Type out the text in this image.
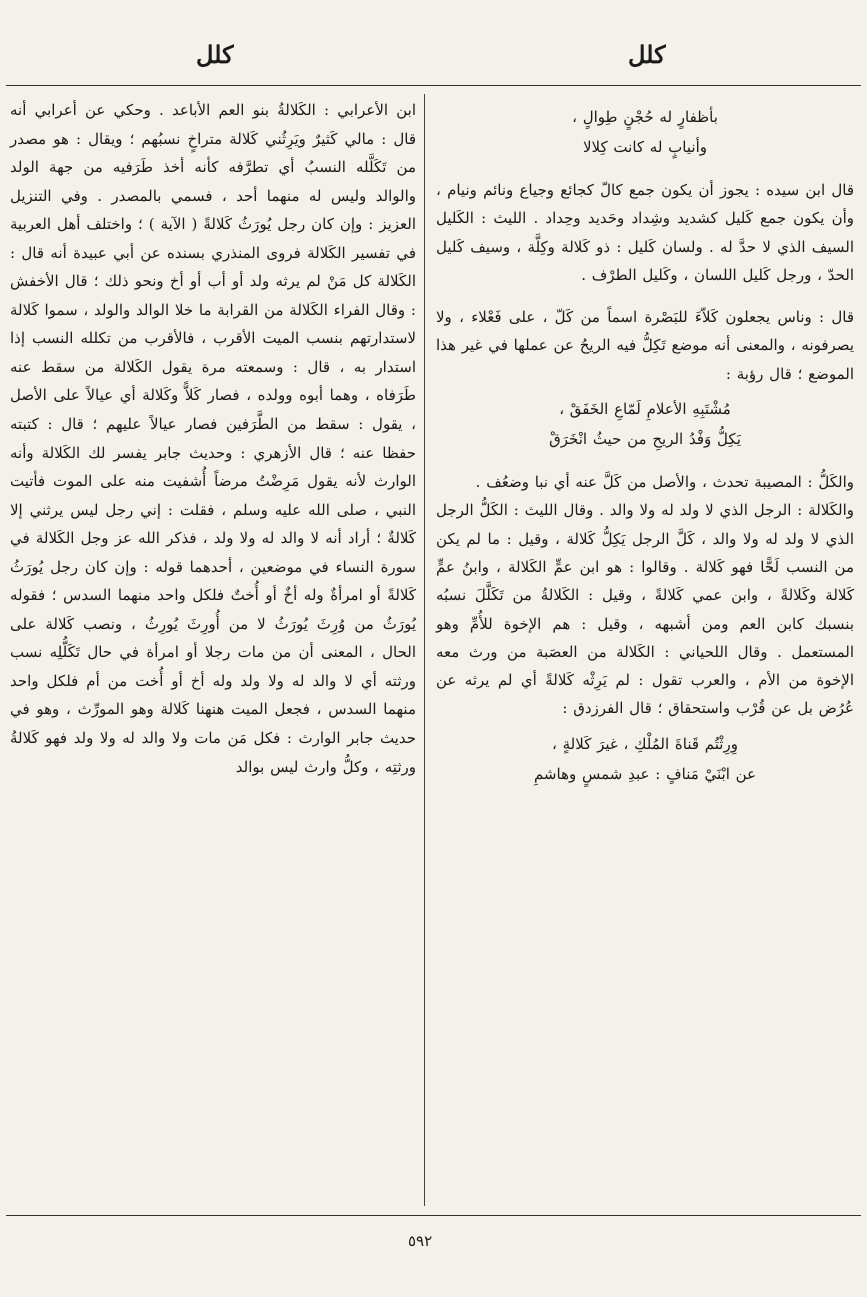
كلل
كلل
بأظفارٍ له حُجْنٍ طِوالٍ ،
وأنيابٍ له كانت كِلالا

قال ابن سيده : يجوز أن يكون جمع كالّ كجائع وجياع ونائم ونيام ، وأن يكون جمع كَليل كشديد وشِداد وحَديد وحِداد . الليث : الكَليل السيف الذي لا حدَّ له . ولسان كَليل : ذو كَلالة وكِلَّة ، وسيف كَليل الحدّ ، ورجل كَليل اللسان ، وكَليل الطرْف .

قال : وناس يجعلون كَلاّءَ للبَصْرة اسماً من كَلّ ، على فَعْلاء ، ولا يصرفونه ، والمعنى أنه موضع تَكِلُّ فيه الريحُ عن عملها في غير هذا الموضع ؛ قال رؤبة :

مُشْتَبِهِ الأعلامِ لَمّاعِ الخَفَقْ ،
يَكِلُّ وَفْدُ الريحِ من حيثُ انْخَرَقْ

والكَلُّ : المصيبة تحدث ، والأصل من كَلَّ عنه أي نبا وضعُف .

والكَلالة : الرجل الذي لا ولد له ولا والد . وقال الليث : الكَلُّ الرجل الذي لا ولد له ولا والد ، كَلَّ الرجل يَكِلُّ كَلالة ، وقيل : ما لم يكن من النسب لَحًّا فهو كَلالة . وقالوا : هو ابن عمٍّ الكَلالة ، وابنُ عمٍّ كَلالة وكَلالةً ، وابن عمي كَلالةً ، وقيل : الكَلالةُ من تَكَلَّلَ نسبُه بنسبك كابن العم ومن أشبهه ، وقيل : هم الإخوة للأُمِّ وهو المستعمل . وقال اللحياني : الكَلالة من العصَبة من ورث معه الإخوة من الأم ، والعرب تقول : لم يَرِثْه كَلالةً أي لم يرثه عن عُرُض بل عن قُرْب واستحقاق ؛ قال الفرزدق :

وِرِثْتُم قَناةَ المُلْكِ ، غيرَ كَلالةٍ ،
عن ابْنَيْ مَنافٍ : عبدِ شمسٍ وهاشمِ

ابن الأعرابي : الكَلالةُ بنو العم الأباعد . وحكي عن أعرابي أنه قال : مالي كَثيرٌ ويَرِثُني كَلالة متراخٍ نسبُهم ؛ ويقال : هو مصدر من تَكَلَّله النسبُ أي تطرَّفه كأنه أخذ طَرَفيه من جهة الولد والوالد وليس له منهما أحد ، فسمي بالمصدر . وفي التنزيل العزيز : وإن كان رجل يُورَثُ كَلالةً ( الآية ) ؛ واختلف أهل العربية في تفسير الكَلالة فروى المنذري بسنده عن أبي عبيدة أنه قال : الكَلالة كل مَنْ لم يرثه ولد أو أب أو أخ ونحو ذلك ؛ قال الأخفش : وقال الفراء الكَلالة من القرابة ما خلا الوالد والولد ، سموا كَلالة لاستدارتهم بنسب الميت الأقرب ، فالأقرب من تكلله النسب إذا استدار به ، قال : وسمعته مرة يقول الكَلالة من سقط عنه طَرَفاه ، وهما أبوه وولده ، فصار كَلاًّ وكَلالة أي عيالاً على الأصل ، يقول : سقط من الطَّرَفين فصار عيالاً عليهم ؛ قال : كتبته حفظا عنه ؛ قال الأزهري : وحديث جابر يفسر لك الكَلالة وأنه الوارث لأنه يقول مَرِضْتُ مرضاً أُشفيت منه على الموت فأتيت النبي ، صلى الله عليه وسلم ، فقلت : إني رجل ليس يرثني إلا كَلالةٌ ؛ أراد أنه لا والد له ولا ولد ، فذكر الله عز وجل الكَلالة في سورة النساء في موضعين ، أحدهما قوله : وإن كان رجل يُورَثُ كَلالةً أو امرأةٌ وله أخٌ أو أُختٌ فلكل واحد منهما السدس ؛ فقوله يُورَثُ من وُرِثَ يُورَثُ لا من أُورِثَ يُورِثُ ، ونصب كَلالة على الحال ، المعنى أن من مات رجلا أو امرأة في حال تَكَلُّلِه نسب ورثته أي لا والد له ولا ولد وله أخ أو أُخت من أم فلكل واحد منهما السدس ، فجعل الميت هنهنا كَلالة وهو المورِّث ، وهو في حديث جابر الوارث : فكل مَن مات ولا والد له ولا ولد فهو كَلالةُ ورثتِه ، وكلُّ وارث ليس بوالد

٥٩٢
